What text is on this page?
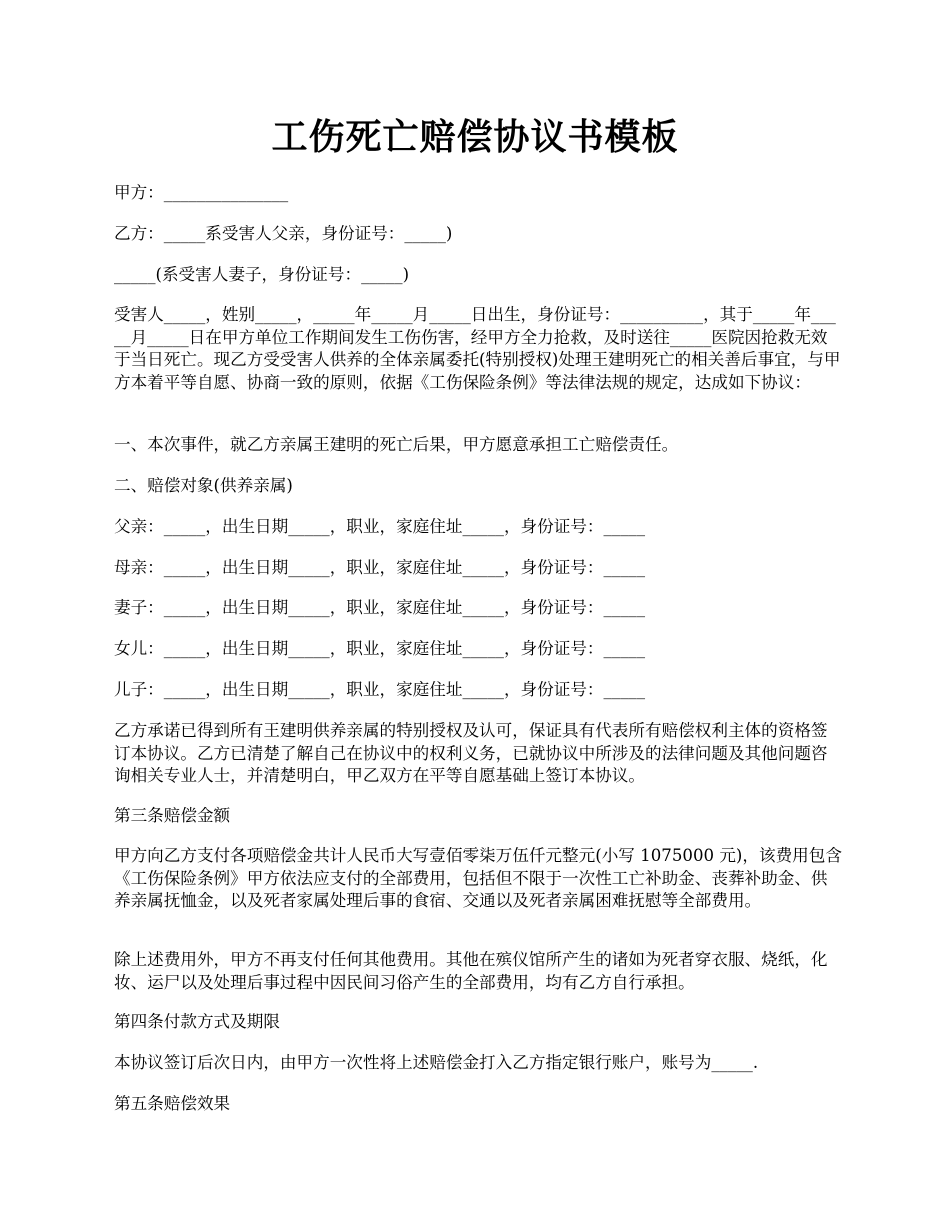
工伤死亡赔偿协议书模板
甲方：_______________
乙方：_____系受害人父亲，身份证号：_____)
_____(系受害人妻子，身份证号：_____)
受害人_____，姓别_____，_____年_____月_____日出生，身份证号：__________，其于_____年_____月_____日在甲方单位工作期间发生工伤伤害，经甲方全力抢救，及时送往_____医院因抢救无效于当日死亡。现乙方受受害人供养的全体亲属委托(特别授权)处理王建明死亡的相关善后事宜，与甲方本着平等自愿、协商一致的原则，依据《工伤保险条例》等法律法规的规定，达成如下协议：
一、本次事件，就乙方亲属王建明的死亡后果，甲方愿意承担工亡赔偿责任。
二、赔偿对象(供养亲属)
父亲：_____，出生日期_____，职业，家庭住址_____，身份证号：_____
母亲：_____，出生日期_____，职业，家庭住址_____，身份证号：_____
妻子：_____，出生日期_____，职业，家庭住址_____，身份证号：_____
女儿：_____，出生日期_____，职业，家庭住址_____，身份证号：_____
儿子：_____，出生日期_____，职业，家庭住址_____，身份证号：_____
乙方承诺已得到所有王建明供养亲属的特别授权及认可，保证具有代表所有赔偿权利主体的资格签订本协议。乙方已清楚了解自己在协议中的权利义务，已就协议中所涉及的法律问题及其他问题咨询相关专业人士，并清楚明白，甲乙双方在平等自愿基础上签订本协议。
第三条赔偿金额
甲方向乙方支付各项赔偿金共计人民币大写壹佰零柒万伍仟元整元(小写 1075000 元)，该费用包含《工伤保险条例》甲方依法应支付的全部费用，包括但不限于一次性工亡补助金、丧葬补助金、供养亲属抚恤金，以及死者家属处理后事的食宿、交通以及死者亲属困难抚慰等全部费用。
除上述费用外，甲方不再支付任何其他费用。其他在殡仪馆所产生的诸如为死者穿衣服、烧纸，化妆、运尸以及处理后事过程中因民间习俗产生的全部费用，均有乙方自行承担。
第四条付款方式及期限
本协议签订后次日内，由甲方一次性将上述赔偿金打入乙方指定银行账户，账号为_____.
第五条赔偿效果
